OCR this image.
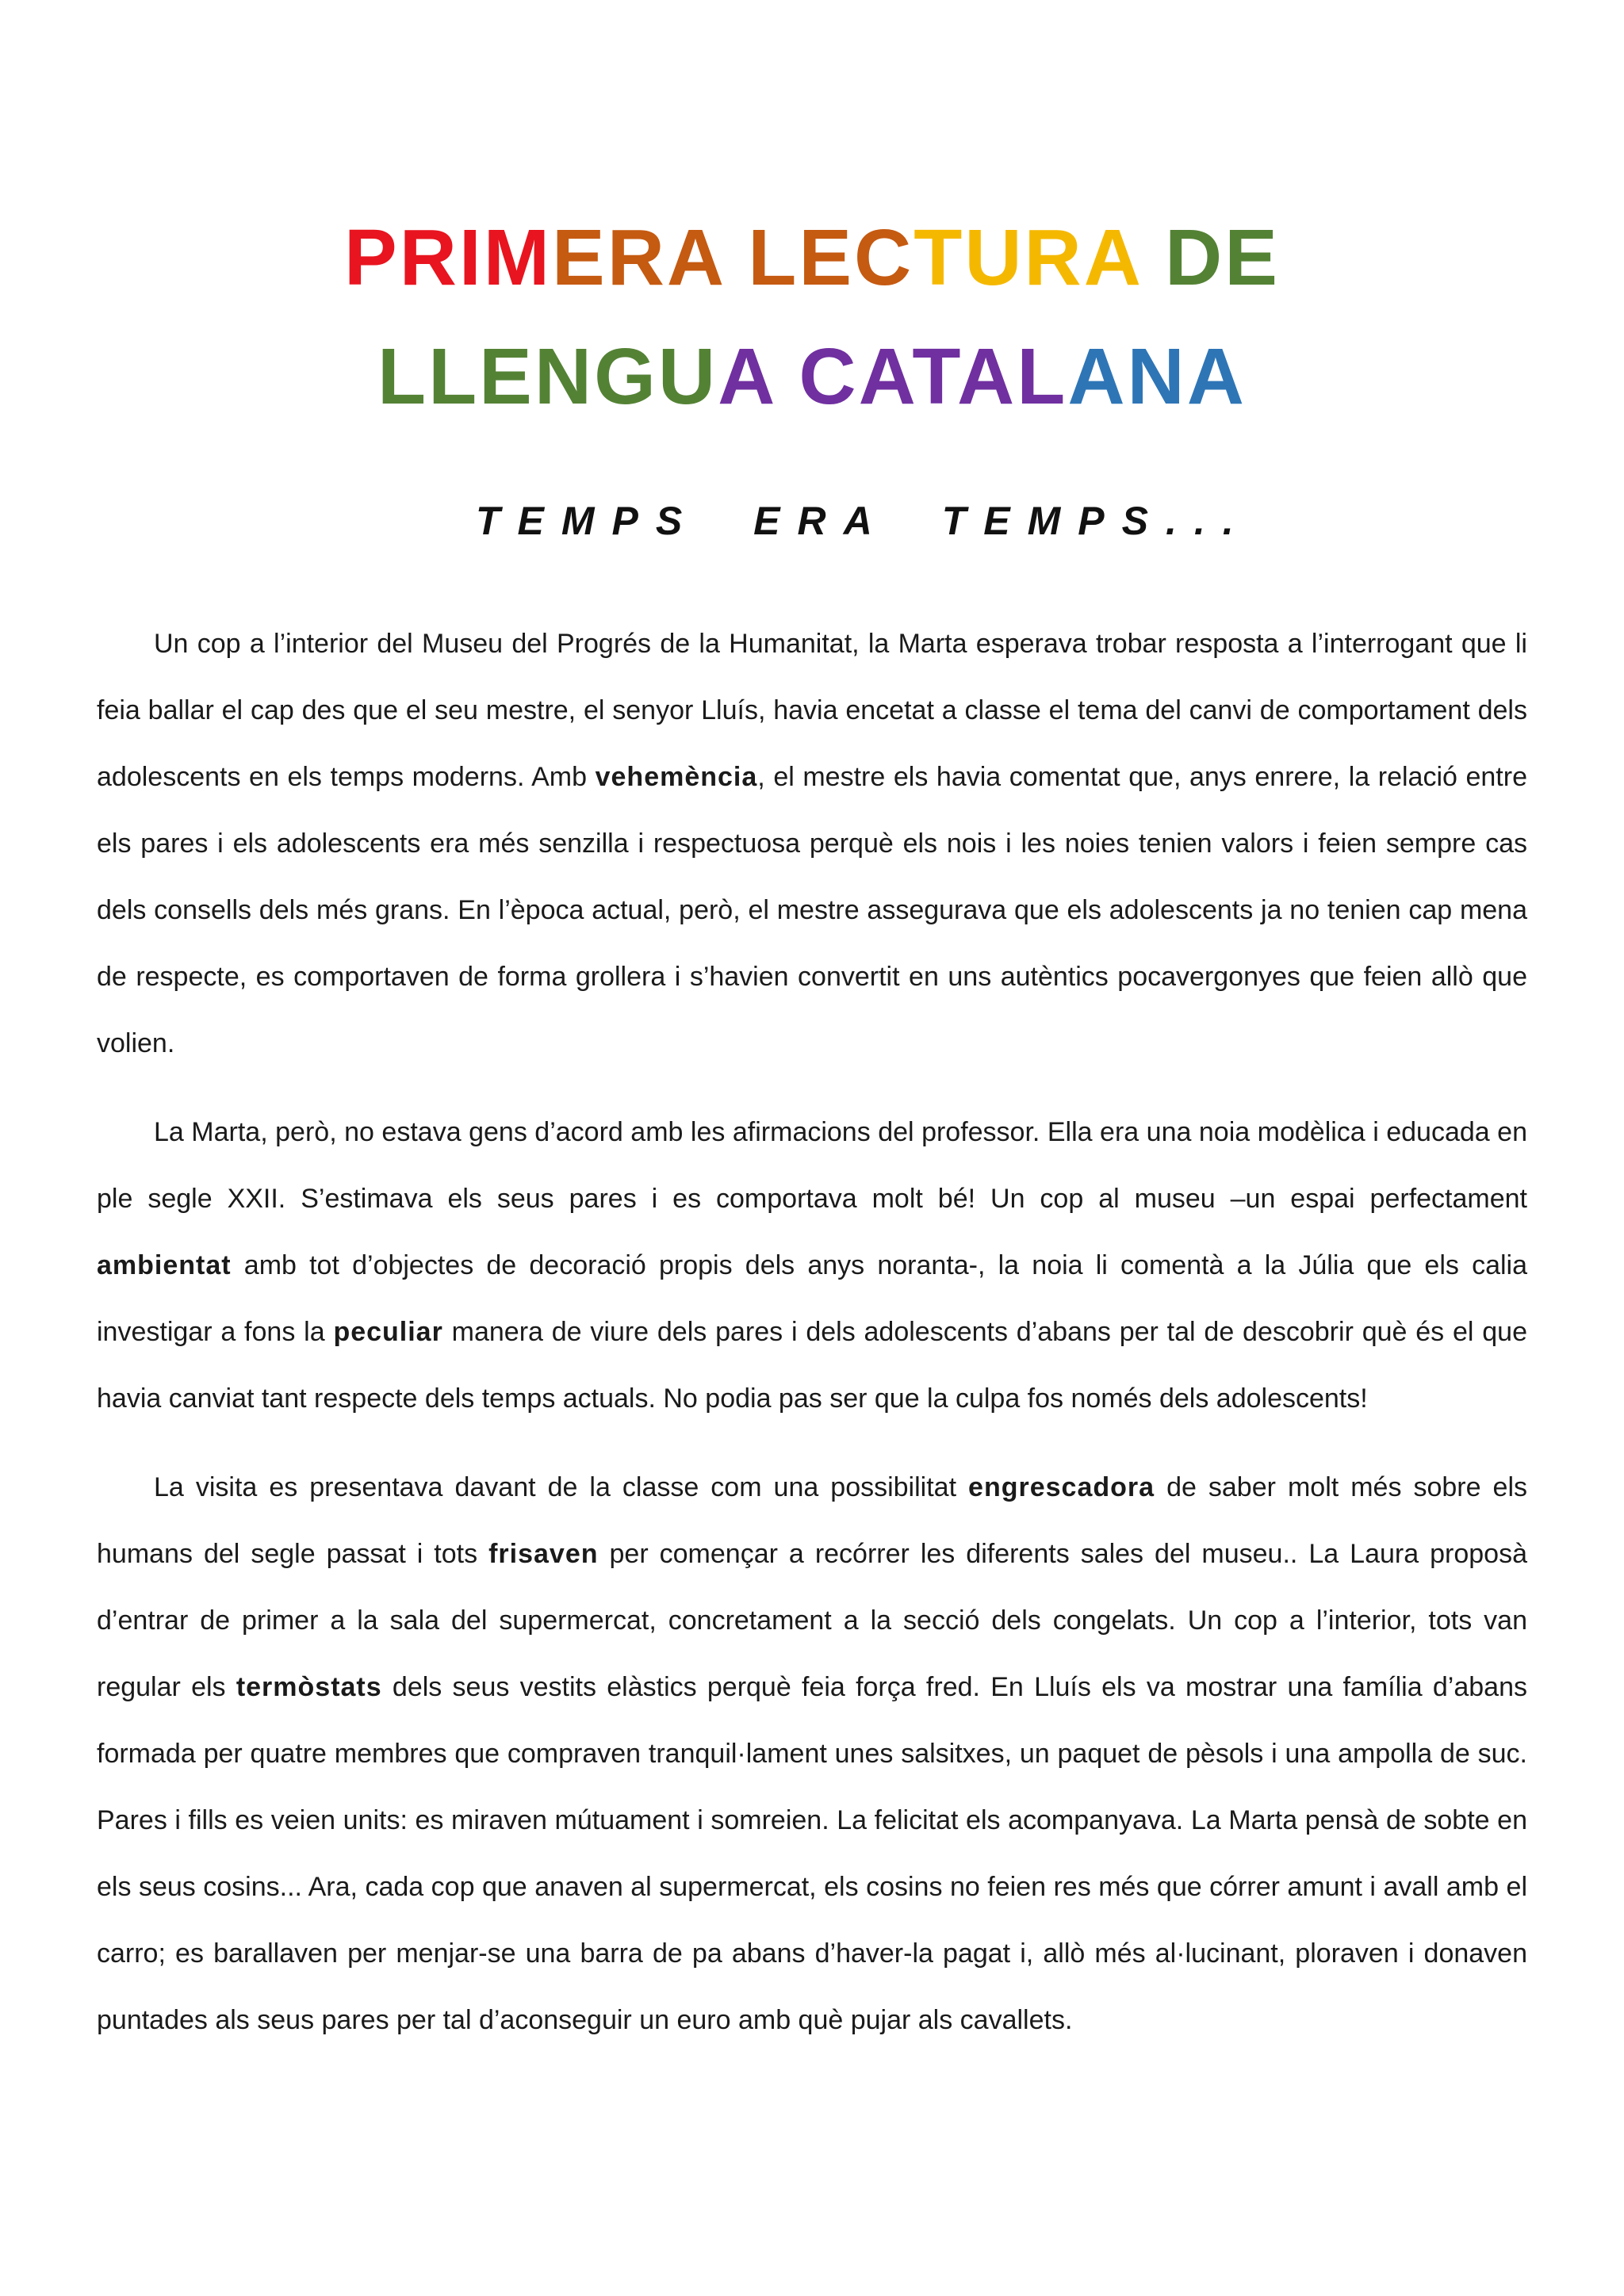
PRIMERA LECTURA DE
LLENGUA CATALANA
TEMPS ERA TEMPS...

Un cop a l’interior del Museu del Progrés de la Humanitat, la Marta esperava trobar resposta a l’interrogant que li feia ballar el cap des que el seu mestre, el senyor Lluís, havia encetat a classe el tema del canvi de comportament dels adolescents en els temps moderns. Amb vehemència, el mestre els havia comentat que, anys enrere, la relació entre els pares i els adolescents era més senzilla i respectuosa perquè els nois i les noies tenien valors i feien sempre cas dels consells dels més grans. En l’època actual, però, el mestre assegurava que els adolescents ja no tenien cap mena de respecte, es comportaven de forma grollera i s’havien convertit en uns autèntics pocavergonyes que feien allò que volien.

La Marta, però, no estava gens d’acord amb les afirmacions del professor. Ella era una noia modèlica i educada en ple segle XXII. S’estimava els seus pares i es comportava molt bé! Un cop al museu –un espai perfectament ambientat amb tot d’objectes de decoració propis dels anys noranta-, la noia li comentà a la Júlia que els calia investigar a fons la peculiar manera de viure dels pares i dels adolescents d’abans per tal de descobrir què és el que havia canviat tant respecte dels temps actuals. No podia pas ser que la culpa fos només dels adolescents!

La visita es presentava davant de la classe com una possibilitat engrescadora de saber molt més sobre els humans del segle passat i tots frisaven per començar a recórrer les diferents sales del museu.. La Laura proposà d’entrar de primer a la sala del supermercat, concretament a la secció dels congelats. Un cop a l’interior, tots van regular els termòstats dels seus vestits elàstics perquè feia força fred. En Lluís els va mostrar una família d’abans formada per quatre membres que compraven tranquil·lament unes salsitxes, un paquet de pèsols i una ampolla de suc. Pares i fills es veien units: es miraven mútuament i somreien. La felicitat els acompanyava. La Marta pensà de sobte en els seus cosins... Ara, cada cop que anaven al supermercat, els cosins no feien res més que córrer amunt i avall amb el carro; es barallaven per menjar-se una barra de pa abans d’haver-la pagat i, allò més al·lucinant, ploraven i donaven puntades als seus pares per tal d’aconseguir un euro amb què pujar als cavallets.
